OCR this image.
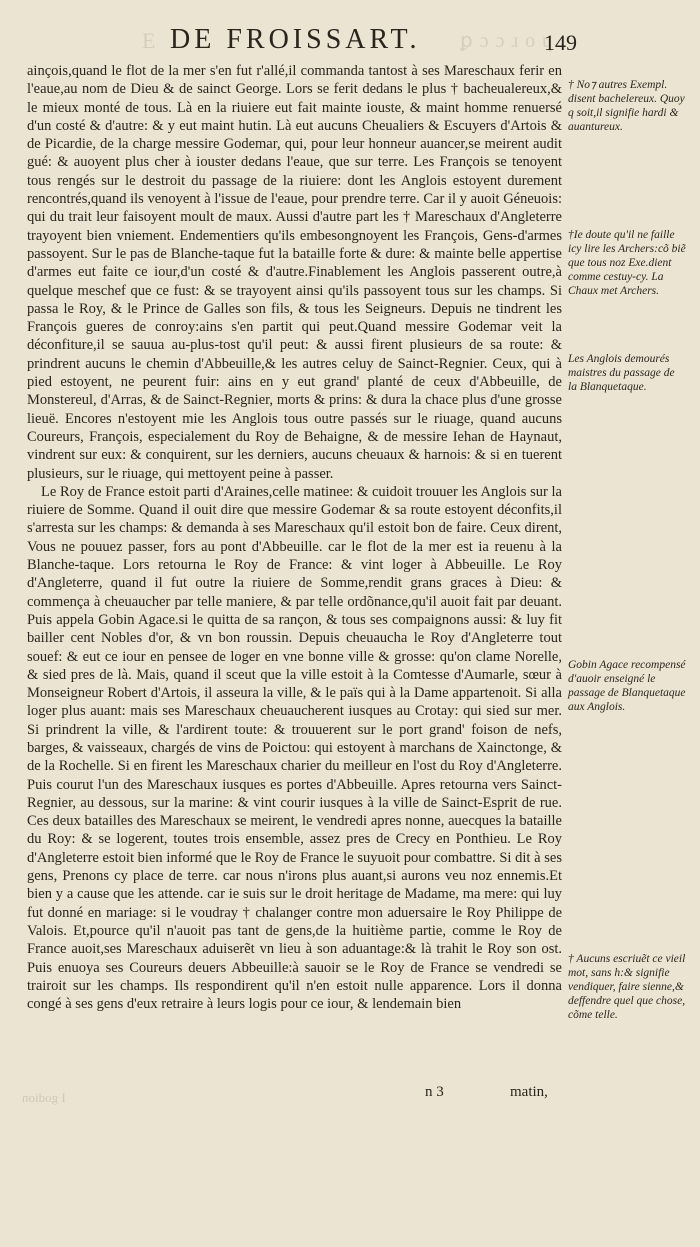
E DE FROISSART. ꝑ ɔ ɔ ɹ o ɥ
149

ainçois,quand le flot de la mer s'en fut r'allé,il commanda tantost à ses Mareschaux ferir en l'eaue,au nom de Dieu & de sainct George. Lors se ferit dedans le plus † bacheualereux,& le mieux monté de tous. Là en la riuiere eut fait mainte iouste, & maint homme renuersé d'un costé & d'autre: & y eut maint hutin. Là eut aucuns Cheualiers & Escuyers d'Artois & de Picardie, de la charge messire Godemar, qui, pour leur honneur auancer,se meirent audit gué: & auoyent plus cher à iouster dedans l'eaue, que sur terre. Les François se tenoyent tous rengés sur le destroit du passage de la riuiere: dont les Anglois estoyent durement rencontrés,quand ils venoyent à l'issue de l'eaue, pour prendre terre. Car il y auoit Géneuois: qui du trait leur faisoyent moult de maux. Aussi d'autre part les † Mareschaux d'Angleterre trayoyent bien vniement. Endementiers qu'ils embesongnoyent les François, Gens-d'armes passoyent. Sur le pas de Blanche-taque fut la bataille forte & dure: & mainte belle appertise d'armes eut faite ce iour,d'un costé & d'autre.Finablement les Anglois passerent outre,à quelque meschef que ce fust: & se trayoyent ainsi qu'ils passoyent tous sur les champs. Si passa le Roy, & le Prince de Galles son fils, & tous les Seigneurs. Depuis ne tindrent les François gueres de conroy:ains s'en partit qui peut.Quand messire Godemar veit la déconfiture,il se sauua au-plus-tost qu'il peut: & aussi firent plusieurs de sa route: & prindrent aucuns le chemin d'Abbeuille,& les autres celuy de Sainct-Regnier. Ceux, qui à pied estoyent, ne peurent fuir: ains en y eut grand' planté de ceux d'Abbeuille, de Monstereul, d'Arras, & de Sainct-Regnier, morts & prins: & dura la chace plus d'une grosse lieuë. Encores n'estoyent mie les Anglois tous outre passés sur le riuage, quand aucuns Coureurs, François, especialement du Roy de Behaigne, & de messire Iehan de Haynaut, vindrent sur eux: & conquirent, sur les derniers, aucuns cheuaux & harnois: & si en tuerent plusieurs, sur le riuage, qui mettoyent peine à passer.

Le Roy de France estoit parti d'Araines,celle matinee: & cuidoit trouuer les Anglois sur la riuiere de Somme. Quand il ouit dire que messire Godemar & sa route estoyent déconfits,il s'arresta sur les champs: & demanda à ses Mareschaux qu'il estoit bon de faire. Ceux dirent, Vous ne pouuez passer, fors au pont d'Abbeuille. car le flot de la mer est ia reuenu à la Blanche-taque. Lors retourna le Roy de France: & vint loger à Abbeuille. Le Roy d'Angleterre, quand il fut outre la riuiere de Somme,rendit grans graces à Dieu: & commença à cheuaucher par telle maniere, & par telle ordõnance,qu'il auoit fait par deuant. Puis appela Gobin Agace.si le quitta de sa rançon, & tous ses compaignons aussi: & luy fit bailler cent Nobles d'or, & vn bon roussin. Depuis cheuaucha le Roy d'Angleterre tout souef: & eut ce iour en pensee de loger en vne bonne ville & grosse: qu'on clame Norelle, & sied pres de là. Mais, quand il sceut que la ville estoit à la Comtesse d'Aumarle, sœur à Monseigneur Robert d'Artois, il asseura la ville, & le païs qui à la Dame appartenoit. Si alla loger plus auant: mais ses Mareschaux cheuaucherent iusques au Crotay: qui sied sur mer. Si prindrent la ville, & l'ardirent toute: & trouuerent sur le port grand' foison de nefs, barges, & vaisseaux, chargés de vins de Poictou: qui estoyent à marchans de Xainctonge, & de la Rochelle. Si en firent les Mareschaux charier du meilleur en l'ost du Roy d'Angleterre. Puis courut l'un des Mareschaux iusques es portes d'Abbeuille. Apres retourna vers Sainct-Regnier, au dessous, sur la marine: & vint courir iusques à la ville de Sainct-Esprit de rue. Ces deux batailles des Mareschaux se meirent, le vendredi apres nonne, auecques la bataille du Roy: & se logerent, toutes trois ensemble, assez pres de Crecy en Ponthieu. Le Roy d'Angleterre estoit bien informé que le Roy de France le suyuoit pour combattre. Si dit à ses gens, Prenons cy place de terre. car nous n'irons plus auant,si aurons veu noz ennemis.Et bien y a cause que les attende. car ie suis sur le droit heritage de Madame, ma mere: qui luy fut donné en mariage: si le voudray † chalanger contre mon aduersaire le Roy Philippe de Valois. Et,pource qu'il n'auoit pas tant de gens,de la huitième partie, comme le Roy de France auoit,ses Mareschaux aduiserẽt vn lieu à son aduantage:& là trahit le Roy son ost. Puis enuoya ses Coureurs deuers Abbeuille:à sauoir se le Roy de France se vendredi se trairoit sur les champs. Ils respondirent qu'il n'en estoit nulle apparence. Lors il donna congé à ses gens d'eux retraire à leurs logis pour ce iour, & lendemain bien

† No⁊ autres Exempl. disent bachelereux. Quoy q soit,il signifie hardi & auantureux.
†Ie doute qu'il ne faille icy lire les Archers:cõ biẽ que tous noz Exe.dient comme cestuy-cy. La Chaux met Archers.
Les Anglois demourés maistres du passage de la Blanquetaque.
Gobin Agace recompensé d'auoir enseigné le passage de Blanquetaque aux Anglois.
† Aucuns escriuẽt ce vieil mot, sans h:& signifie vendiquer, faire sienne,& deffendre quel que chose, cõme telle.
I godion	n 3	matin,
